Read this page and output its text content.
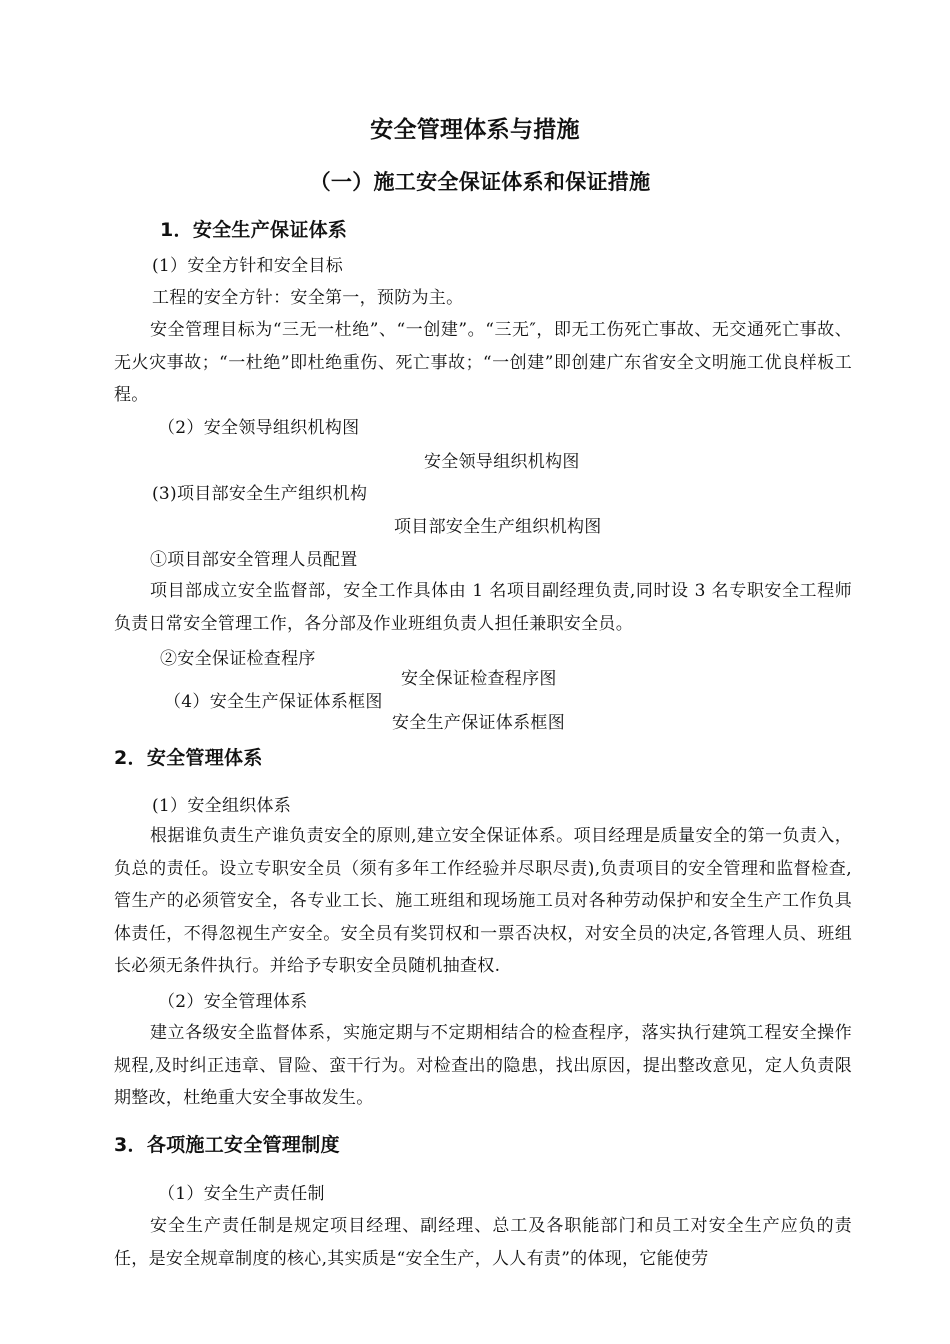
安全管理体系与措施
（一）施工安全保证体系和保证措施
1．安全生产保证体系
(1）安全方针和安全目标
工程的安全方针：安全第一，预防为主。
安全管理目标为“三无一杜绝”、“一创建”。“三无″，即无工伤死亡事故、无交通死亡事故、无火灾事故；“一杜绝”即杜绝重伤、死亡事故；“一创建”即创建广东省安全文明施工优良样板工程。
（2）安全领导组织机构图
安全领导组织机构图
(3)项目部安全生产组织机构
项目部安全生产组织机构图
①项目部安全管理人员配置
项目部成立安全监督部，安全工作具体由 1 名项目副经理负责,同时设 3 名专职安全工程师负责日常安全管理工作，各分部及作业班组负责人担任兼职安全员。
②安全保证检查程序
安全保证检查程序图
（4）安全生产保证体系框图
安全生产保证体系框图
2．安全管理体系
(1）安全组织体系
根据谁负责生产谁负责安全的原则,建立安全保证体系。项目经理是质量安全的第一负责入，负总的责任。设立专职安全员（须有多年工作经验并尽职尽责),负责项目的安全管理和监督检查,管生产的必须管安全，各专业工长、施工班组和现场施工员对各种劳动保护和安全生产工作负具体责任，不得忽视生产安全。安全员有奖罚权和一票否决权，对安全员的决定,各管理人员、班组长必须无条件执行。并给予专职安全员随机抽查权.
（2）安全管理体系
建立各级安全监督体系，实施定期与不定期相结合的检查程序，落实执行建筑工程安全操作规程,及时纠正违章、冒险、蛮干行为。对检查出的隐患，找出原因，提出整改意见，定人负责限期整改，杜绝重大安全事故发生。
3．各项施工安全管理制度
（1）安全生产责任制
安全生产责任制是规定项目经理、副经理、总工及各职能部门和员工对安全生产应负的责任，是安全规章制度的核心,其实质是“安全生产，人人有责”的体现，它能使劳
